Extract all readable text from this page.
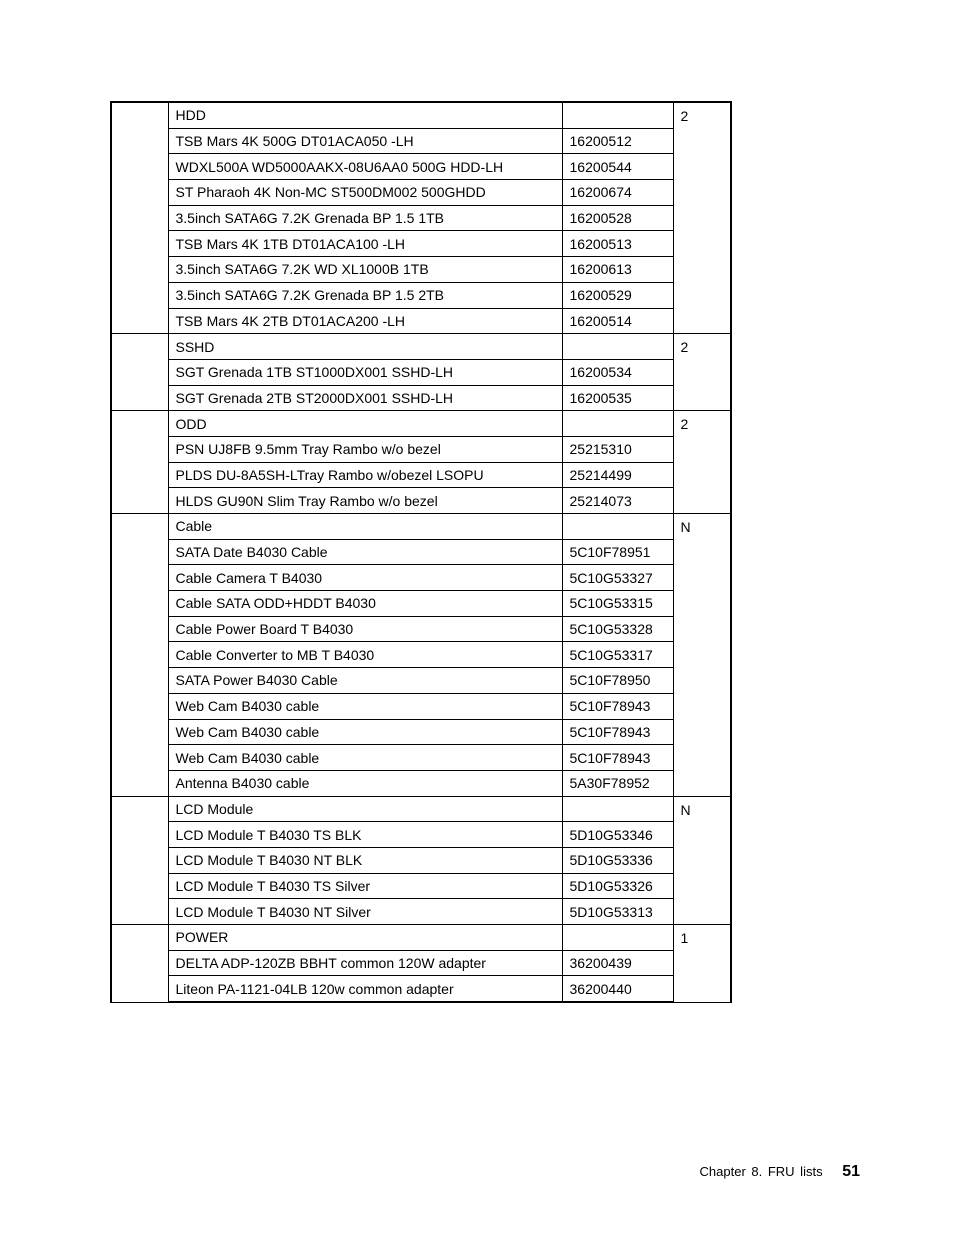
	HDD		2
	TSB Mars 4K 500G DT01ACA050 -LH	16200512	
	WDXL500A WD5000AAKX-08U6AA0 500G HDD-LH	16200544	
	ST Pharaoh 4K Non-MC ST500DM002 500GHDD	16200674	
	3.5inch SATA6G 7.2K Grenada BP 1.5 1TB	16200528	
	TSB Mars 4K 1TB DT01ACA100 -LH	16200513	
	3.5inch SATA6G 7.2K WD XL1000B 1TB	16200613	
	3.5inch SATA6G 7.2K Grenada BP 1.5 2TB	16200529	
	TSB Mars 4K 2TB DT01ACA200 -LH	16200514	
	SSHD		2
	SGT Grenada 1TB ST1000DX001 SSHD-LH	16200534	
	SGT Grenada 2TB ST2000DX001 SSHD-LH	16200535	
	ODD		2
	PSN UJ8FB 9.5mm Tray Rambo w/o bezel	25215310	
	PLDS DU-8A5SH-LTray Rambo w/obezel LSOPU	25214499	
	HLDS GU90N Slim Tray Rambo w/o bezel	25214073	
	Cable		N
	SATA Date B4030 Cable	5C10F78951	
	Cable Camera T B4030	5C10G53327	
	Cable SATA ODD+HDDT B4030	5C10G53315	
	Cable Power Board T B4030	5C10G53328	
	Cable Converter to MB T B4030	5C10G53317	
	SATA Power B4030 Cable	5C10F78950	
	Web Cam B4030 cable	5C10F78943	
	Web Cam B4030 cable	5C10F78943	
	Web Cam B4030 cable	5C10F78943	
	Antenna B4030 cable	5A30F78952	
	LCD Module		N
	LCD Module T B4030 TS BLK	5D10G53346	
	LCD Module T B4030 NT BLK	5D10G53336	
	LCD Module T B4030 TS Silver	5D10G53326	
	LCD Module T B4030 NT Silver	5D10G53313	
	POWER		1
	DELTA ADP-120ZB BBHT common 120W adapter	36200439	
	Liteon PA-1121-04LB 120w common adapter	36200440	
Chapter 8. FRU lists 51
